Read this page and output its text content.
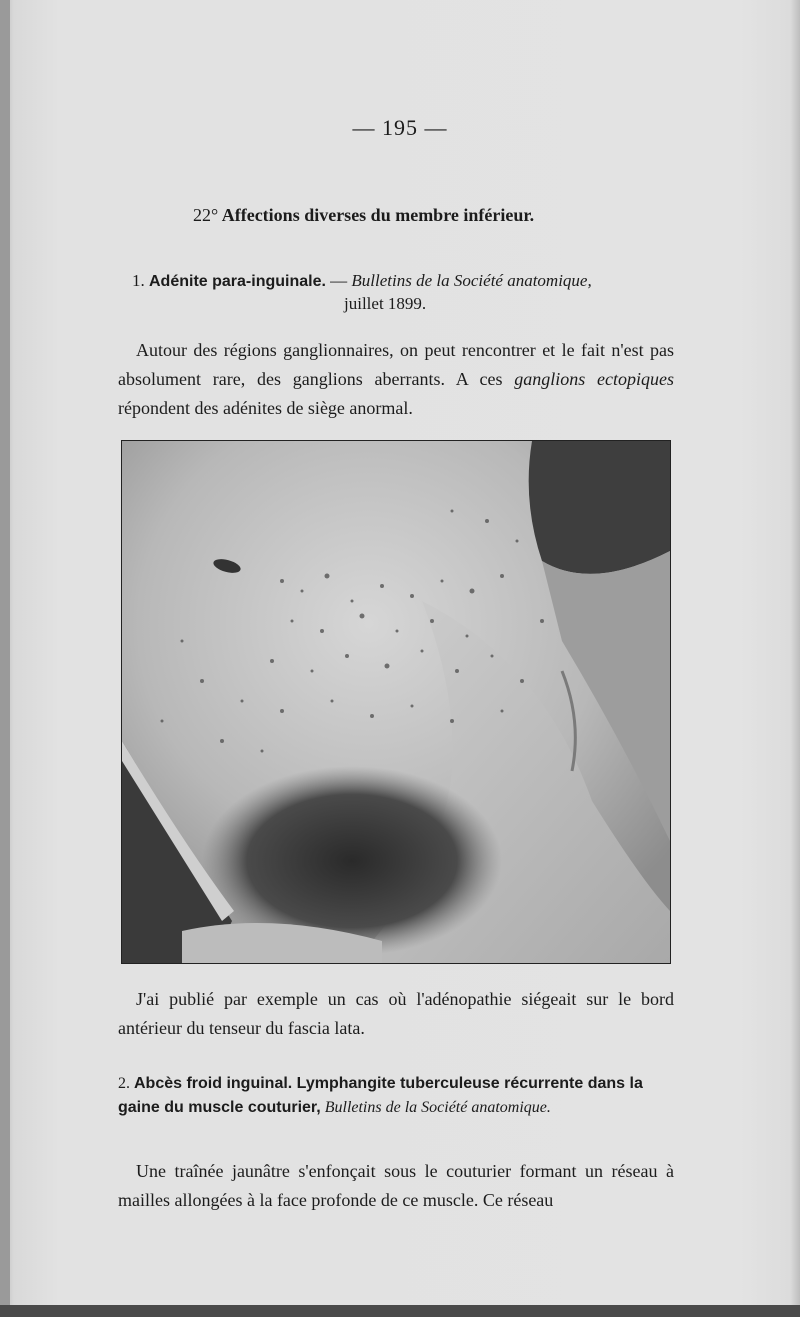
— 195 —
22° Affections diverses du membre inférieur.
1. Adénite para-inguinale. — Bulletins de la Société anatomique,
juillet 1899.

Autour des régions ganglionnaires, on peut rencontrer et le fait n'est pas absolument rare, des ganglions aberrants. A ces ganglions ectopiques répondent des adénites de siège anormal.

J'ai publié par exemple un cas où l'adénopathie siégeait sur le bord antérieur du tenseur du fascia lata.

2. Abcès froid inguinal. Lymphangite tuberculeuse récurrente dans la gaine du muscle couturier, Bulletins de la Société anatomique.

Une traînée jaunâtre s'enfonçait sous le couturier formant un réseau à mailles allongées à la face profonde de ce muscle. Ce réseau
